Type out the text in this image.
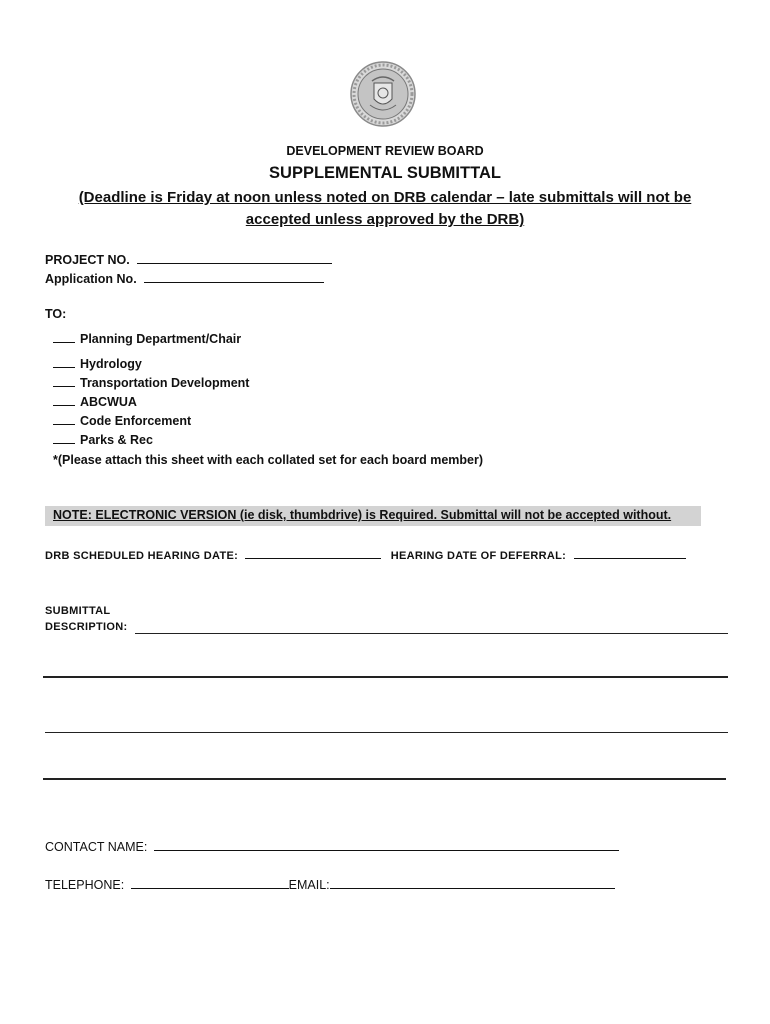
DEVELOPMENT REVIEW BOARD
SUPPLEMENTAL SUBMITTAL
(Deadline is Friday at noon unless noted on DRB calendar – late submittals will not be
accepted unless approved by the DRB)
PROJECT NO.
Application No.
TO:
Planning Department/Chair
Hydrology
Transportation Development
ABCWUA
Code Enforcement
Parks & Rec
*(Please attach this sheet with each collated set for each board member)
NOTE: ELECTRONIC VERSION (ie disk, thumbdrive) is Required. Submittal will not be accepted without.
DRB SCHEDULED HEARING DATE:	HEARING DATE OF DEFERRAL:
SUBMITTAL
DESCRIPTION:
CONTACT NAME:
TELEPHONE:	EMAIL:
